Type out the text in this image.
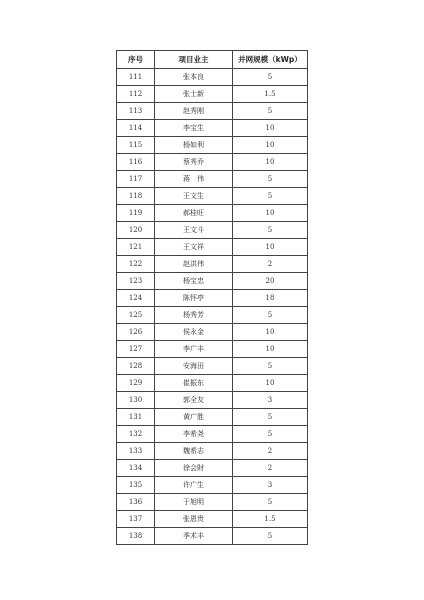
序号	项目业主	并网规模（kWp）
111	张本良	5
112	张士新	1.5
113	赵秀刚	5
114	李宝生	10
115	杨如利	10
116	蔡秀乔	10
117	蒋　伟	5
118	王文生	5
119	郝桂旺	10
120	王文斗	5
121	王文祥	10
122	赵洪伟	2
123	杨宝忠	20
124	陈怀亭	18
125	杨秀芳	5
126	侯永金	10
127	李广丰	10
128	安海田	5
129	崔振东	10
130	郭全友	3
131	黄广胜	5
132	李希尧	5
133	魏希志	2
134	徐会財	2
135	许广生	3
136	于旭明	5
137	张恩贵	1.5
138	季术丰	5
